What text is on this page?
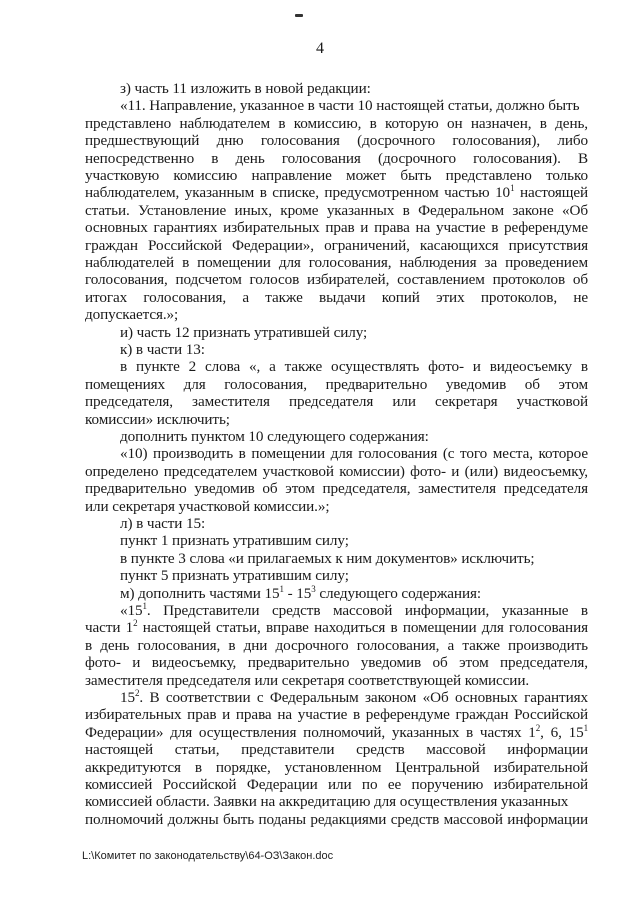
4
з) часть 11 изложить в новой редакции:
«11. Направление, указанное в части 10 настоящей статьи, должно быть
представлено наблюдателем в комиссию, в которую он назначен, в день,
предшествующий дню голосования (досрочного голосования), либо
непосредственно в день голосования (досрочного голосования). В
участковую комиссию направление может быть представлено только
наблюдателем, указанным в списке, предусмотренном частью $10^1$ настоящей
статьи. Установление иных, кроме указанных в Федеральном законе «Об
основных гарантиях избирательных прав и права на участие в референдуме
граждан Российской Федерации», ограничений, касающихся присутствия
наблюдателей в помещении для голосования, наблюдения за проведением
голосования, подсчетом голосов избирателей, составлением протоколов об
итогах голосования, а также выдачи копий этих протоколов, не
допускается.»;
и) часть 12 признать утратившей силу;
к) в части 13:
в пункте 2 слова «, а также осуществлять фото- и видеосъемку в
помещениях для голосования, предварительно уведомив об этом
председателя, заместителя председателя или секретаря участковой
комиссии» исключить;
дополнить пунктом 10 следующего содержания:
«10) производить в помещении для голосования (с того места, которое
определено председателем участковой комиссии) фото- и (или) видеосъемку,
предварительно уведомив об этом председателя, заместителя председателя
или секретаря участковой комиссии.»;
л) в части 15:
пункт 1 признать утратившим силу;
в пункте 3 слова «и прилагаемых к ним документов» исключить;
пункт 5 признать утратившим силу;
м) дополнить частями $15^1 - 15^3$ следующего содержания:
«$15^1$. Представители средств массовой информации, указанные в
части $1^2$ настоящей статьи, вправе находиться в помещении для голосования
в день голосования, в дни досрочного голосования, а также производить
фото- и видеосъемку, предварительно уведомив об этом председателя,
заместителя председателя или секретаря соответствующей комиссии.
$15^2$. В соответствии с Федеральным законом «Об основных гарантиях
избирательных прав и права на участие в референдуме граждан Российской
Федерации» для осуществления полномочий, указанных в частях $1^2$, 6, $15^1$
настоящей статьи, представители средств массовой информации
аккредитуются в порядке, установленном Центральной избирательной
комиссией Российской Федерации или по ее поручению избирательной
комиссией области. Заявки на аккредитацию для осуществления указанных
полномочий должны быть поданы редакциями средств массовой информации
L:\Комитет по законодательству\64-ОЗ\Закон.doc
